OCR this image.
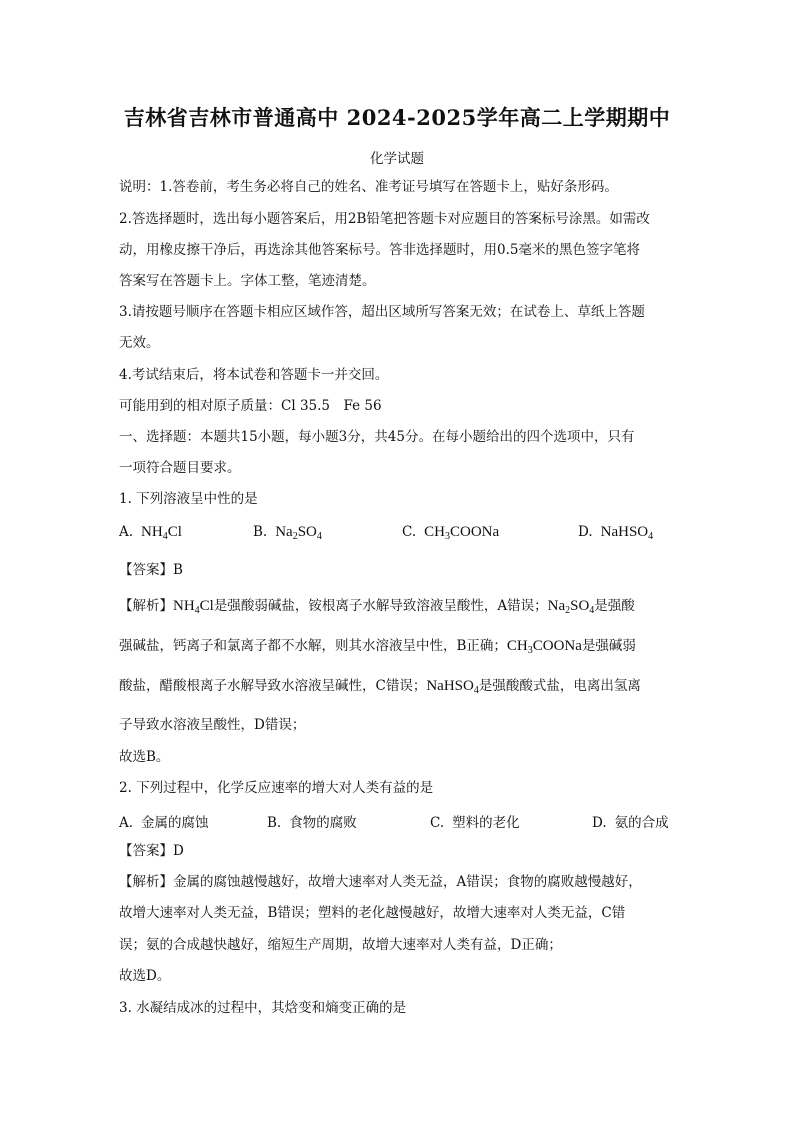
吉林省吉林市普通高中 2024-2025学年高二上学期期中
化学试题
说明：1.答卷前，考生务必将自己的姓名、准考证号填写在答题卡上，贴好条形码。
2.答选择题时，选出每小题答案后，用2B铅笔把答题卡对应题目的答案标号涂黑。如需改
动，用橡皮擦干净后，再选涂其他答案标号。答非选择题时，用0.5毫米的黑色签字笔将
答案写在答题卡上。字体工整，笔迹清楚。
3.请按题号顺序在答题卡相应区域作答，超出区域所写答案无效；在试卷上、草纸上答题
无效。
4.考试结束后，将本试卷和答题卡一并交回。
可能用到的相对原子质量：Cl 35.5　Fe 56
一、选择题：本题共15小题，每小题3分，共45分。在每小题给出的四个选项中，只有
一项符合题目要求。
1. 下列溶液呈中性的是
A. $NH_4Cl$	B. $Na_2SO_4$	C. $CH_3COONa$	D. NaHSO$_4$
【答案】B
【解析】$NH_4Cl$是强酸弱碱盐，铵根离子水解导致溶液呈酸性，A错误；$Na_2SO_4$是强酸
强碱盐，钙离子和氯离子都不水解，则其水溶液呈中性，B正确；$CH_3COONa$是强碱弱
酸盐，醋酸根离子水解导致水溶液呈碱性，C错误；NaHSO$_4$是强酸酸式盐，电离出氢离
子导致水溶液呈酸性，D错误；
故选B。
2. 下列过程中，化学反应速率的增大对人类有益的是
A. 金属的腐蚀	B. 食物的腐败	C. 塑料的老化	D. 氨的合成
【答案】D
【解析】金属的腐蚀越慢越好，故增大速率对人类无益，A错误；食物的腐败越慢越好，
故增大速率对人类无益，B错误；塑料的老化越慢越好，故增大速率对人类无益，C错
误；氨的合成越快越好，缩短生产周期，故增大速率对人类有益，D正确；
故选D。
3. 水凝结成冰的过程中，其焓变和熵变正确的是
